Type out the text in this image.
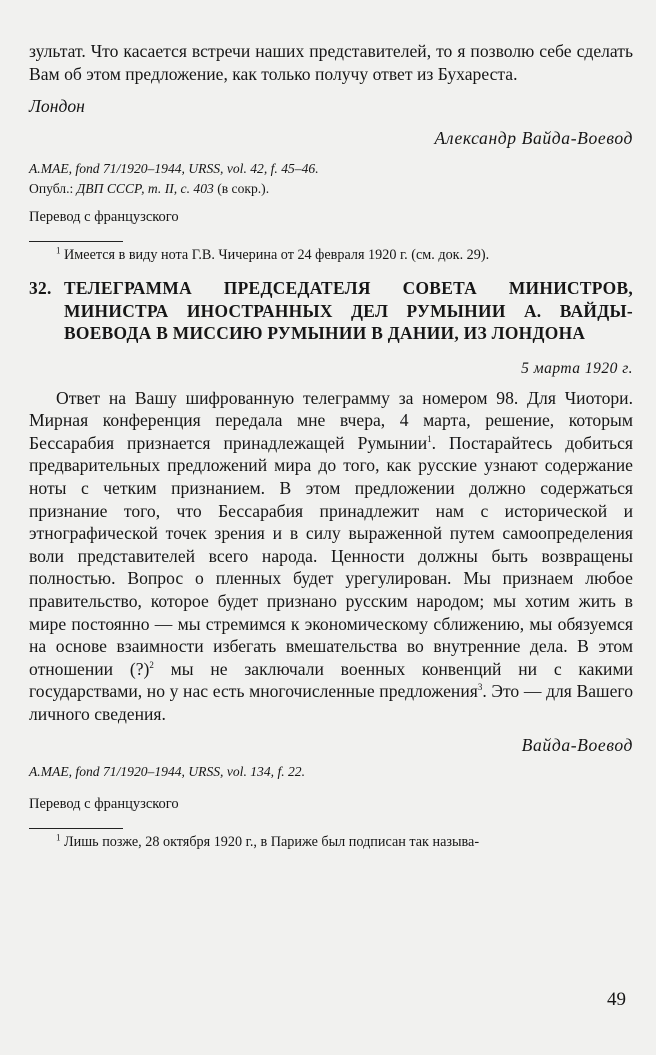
зультат. Что касается встречи наших представителей, то я позволю себе сделать Вам об этом предложение, как только получу ответ из Бухареста.

Лондон

Александр Вайда-Воевод

A.MAE, fond 71/1920–1944, URSS, vol. 42, f. 45–46.

Опубл.: ДВП СССР, т. II, с. 403 (в сокр.).

Перевод с французского

$^1$ Имеется в виду нота Г.В. Чичерина от 24 февраля 1920 г. (см. док. 29).

32. ТЕЛЕГРАММА ПРЕДСЕДАТЕЛЯ СОВЕТА МИНИСТРОВ, МИНИСТРА ИНОСТРАННЫХ ДЕЛ РУМЫНИИ А. ВАЙДЫ-ВОЕВОДА В МИССИЮ РУМЫНИИ В ДАНИИ, ИЗ ЛОНДОНА

5 марта 1920 г.

Ответ на Вашу шифрованную телеграмму за номером 98. Для Чиотори. Мирная конференция передала мне вчера, 4 марта, решение, которым Бессарабия признается принадлежащей Румынии$^1$. Постарайтесь добиться предварительных предложений мира до того, как русские узнают содержание ноты с четким признанием. В этом предложении должно содержаться признание того, что Бессарабия принадлежит нам с исторической и этнографической точек зрения и в силу выраженной путем самоопределения воли представителей всего народа. Ценности должны быть возвращены полностью. Вопрос о пленных будет урегулирован. Мы признаем любое правительство, которое будет признано русским народом; мы хотим жить в мире постоянно — мы стремимся к экономическому сближению, мы обязуемся на основе взаимности избегать вмешательства во внутренние дела. В этом отношении (?)$^2$ мы не заключали военных конвенций ни с какими государствами, но у нас есть многочисленные предложения$^3$. Это — для Вашего личного сведения.

Вайда-Воевод

A.MAE, fond 71/1920–1944, URSS, vol. 134, f. 22.

Перевод с французского

$^1$ Лишь позже, 28 октября 1920 г., в Париже был подписан так называ-

49
